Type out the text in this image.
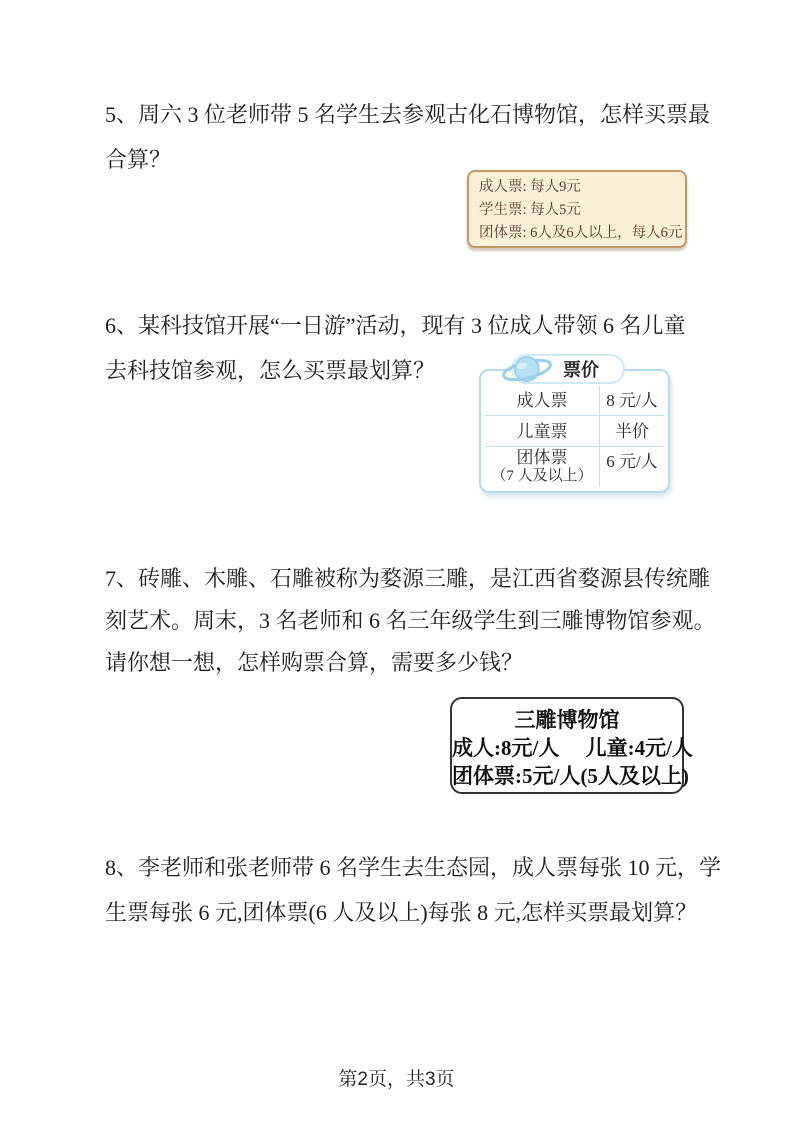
5、周六 3 位老师带 5 名学生去参观古化石博物馆，怎样买票最
合算？
成人票: 每人9元
学生票: 每人5元
团体票: 6人及6人以上，每人6元
6、某科技馆开展“一日游”活动，现有 3 位成人带领 6 名儿童
去科技馆参观，怎么买票最划算？
成人票	8 元/人
儿童票	半价
团体票
（7 人及以上）
6 元/人
票价
7、砖雕、木雕、石雕被称为婺源三雕，是江西省婺源县传统雕
刻艺术。周末，3 名老师和 6 名三年级学生到三雕博物馆参观。
请你想一想，怎样购票合算，需要多少钱？
三雕博物馆
成人:8元/人　 儿童:4元/人
团体票:5元/人(5人及以上)
8、李老师和张老师带 6 名学生去生态园，成人票每张 10 元，学
生票每张 6 元,团体票(6 人及以上)每张 8 元,怎样买票最划算？
第2页，共3页
